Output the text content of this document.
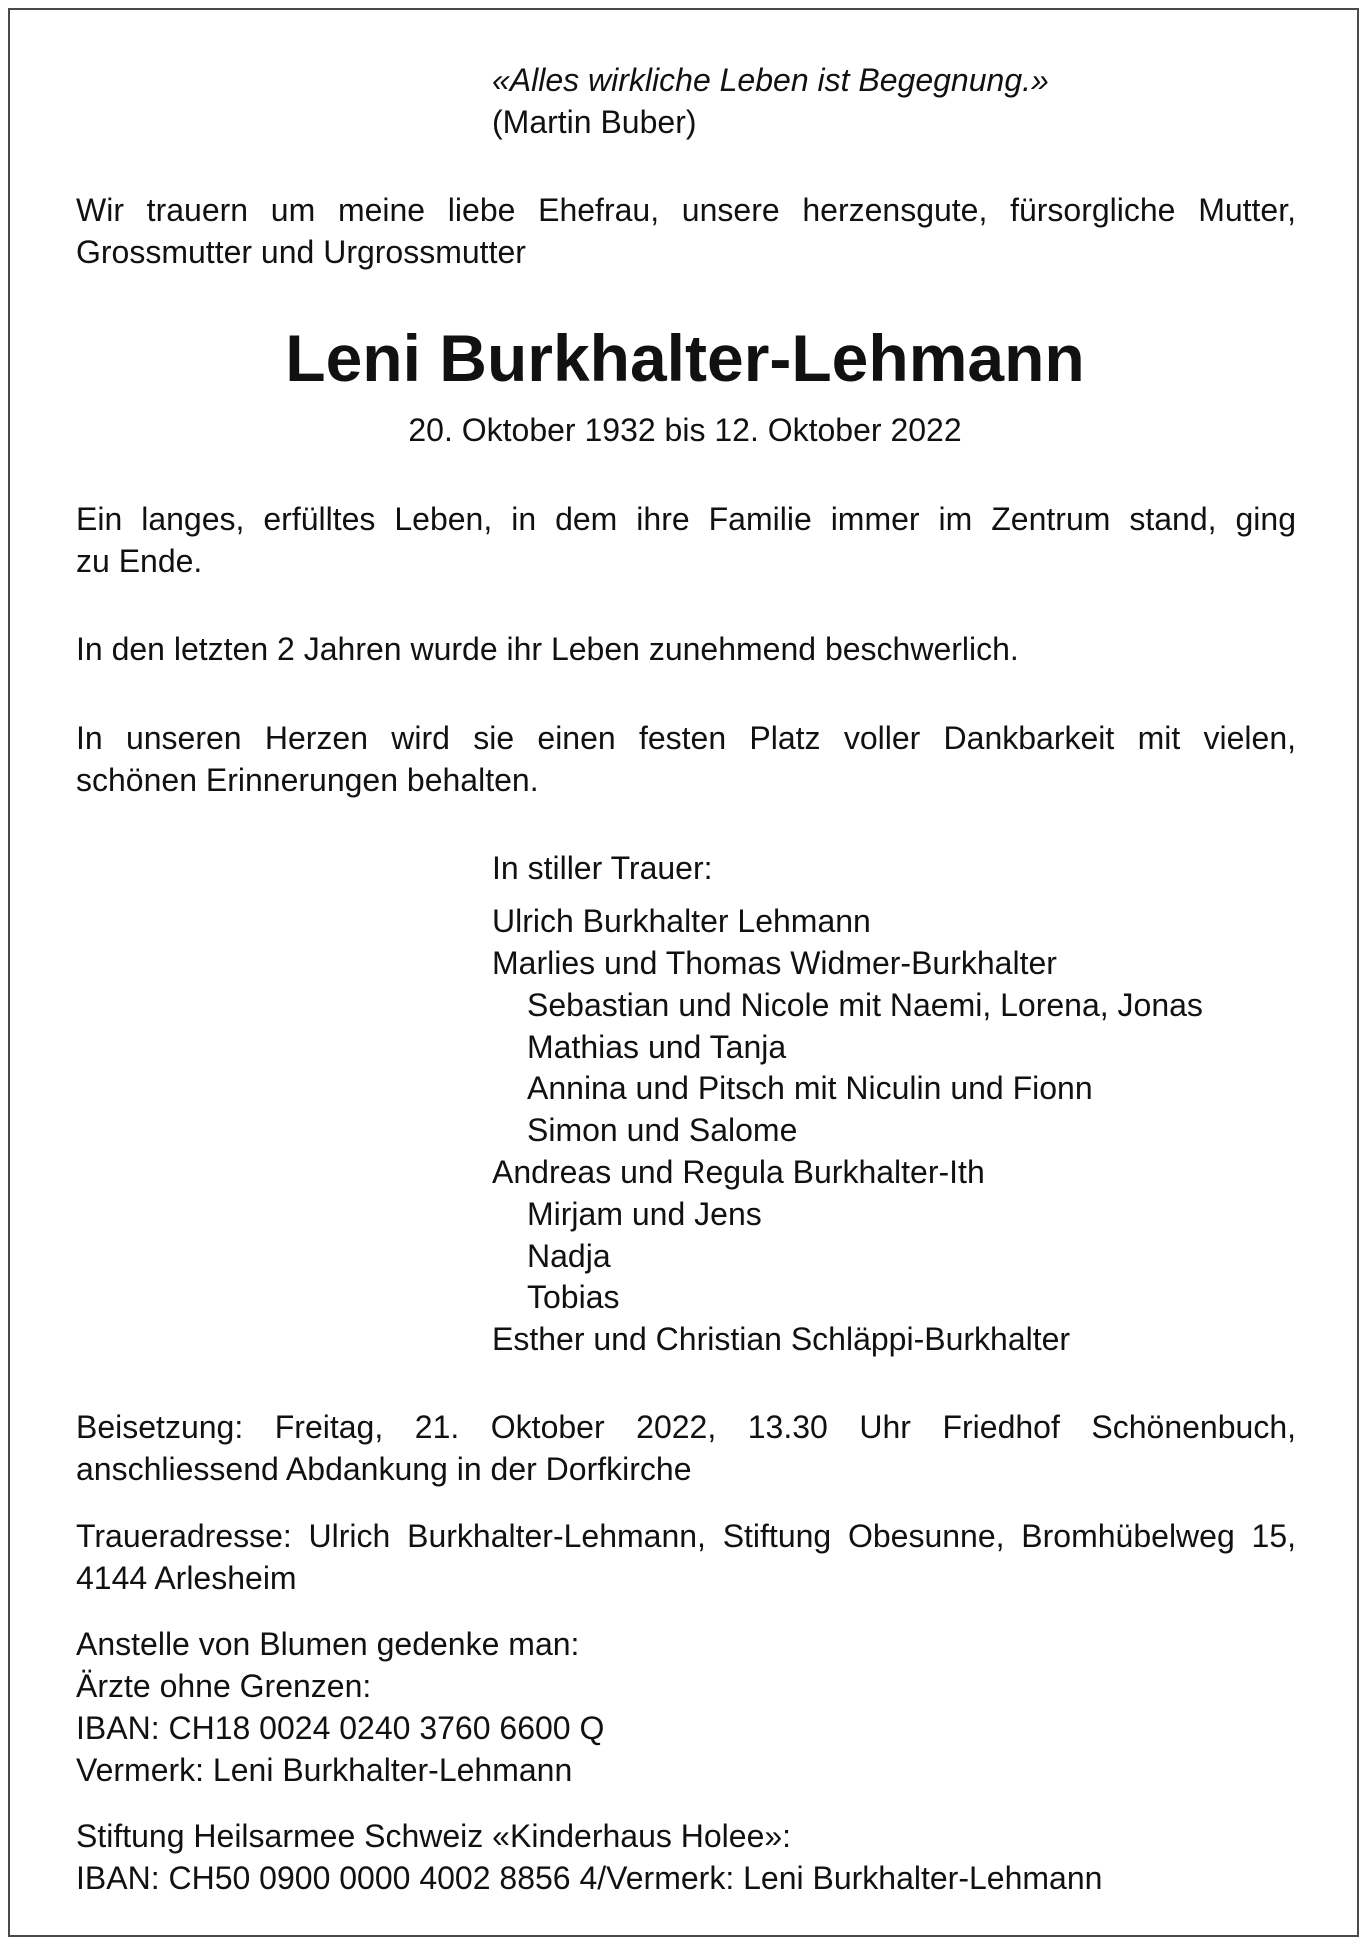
«Alles wirkliche Leben ist Begegnung.»
(Martin Buber)
Wir trauern um meine liebe Ehefrau, unsere herzensgute, fürsorgliche Mutter,
Grossmutter und Urgrossmutter
Leni Burkhalter-Lehmann
20. Oktober 1932 bis 12. Oktober 2022
Ein langes, erfülltes Leben, in dem ihre Familie immer im Zentrum stand, ging
zu Ende.
In den letzten 2 Jahren wurde ihr Leben zunehmend beschwerlich.
In unseren Herzen wird sie einen festen Platz voller Dankbarkeit mit vielen,
schönen Erinnerungen behalten.
In stiller Trauer:
Ulrich Burkhalter Lehmann
Marlies und Thomas Widmer-Burkhalter
Sebastian und Nicole mit Naemi, Lorena, Jonas
Mathias und Tanja
Annina und Pitsch mit Niculin und Fionn
Simon und Salome
Andreas und Regula Burkhalter-Ith
Mirjam und Jens
Nadja
Tobias
Esther und Christian Schläppi-Burkhalter
Beisetzung: Freitag, 21. Oktober 2022, 13.30 Uhr Friedhof Schönenbuch,
anschliessend Abdankung in der Dorfkirche
Traueradresse: Ulrich Burkhalter-Lehmann, Stiftung Obesunne, Bromhübelweg 15,
4144 Arlesheim
Anstelle von Blumen gedenke man:
Ärzte ohne Grenzen:
IBAN: CH18 0024 0240 3760 6600 Q
Vermerk: Leni Burkhalter-Lehmann
Stiftung Heilsarmee Schweiz «Kinderhaus Holee»:
IBAN: CH50 0900 0000 4002 8856 4/Vermerk: Leni Burkhalter-Lehmann
